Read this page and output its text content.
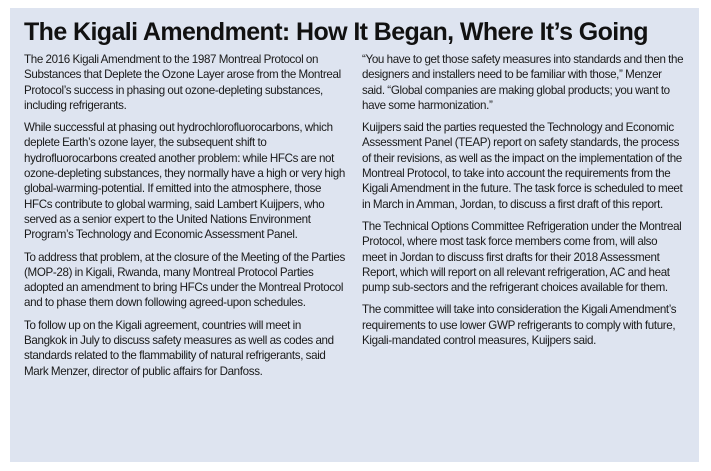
The Kigali Amendment: How It Began, Where It’s Going

The 2016 Kigali Amendment to the 1987 Montreal Protocol on Substances that Deplete the Ozone Layer arose from the Montreal Protocol’s success in phasing out ozone-depleting substances, including refrigerants.

While successful at phasing out hydrochlorofluorocarbons, which deplete Earth’s ozone layer, the subsequent shift to hydrofluorocarbons created another problem: while HFCs are not ozone-depleting substances, they normally have a high or very high global-warming-potential. If emitted into the atmosphere, those HFCs contribute to global warming, said Lambert Kuijpers, who served as a senior expert to the United Nations Environment Program’s Technology and Economic Assessment Panel.

To address that problem, at the closure of the Meeting of the Parties (MOP-28) in Kigali, Rwanda, many Montreal Protocol Parties adopted an amendment to bring HFCs under the Montreal Protocol and to phase them down following agreed-upon schedules.

To follow up on the Kigali agreement, countries will meet in Bangkok in July to discuss safety measures as well as codes and standards related to the flammability of natural refrigerants, said Mark Menzer, director of public affairs for Danfoss.

“You have to get those safety measures into standards and then the designers and installers need to be familiar with those,” Menzer said. “Global companies are making global products; you want to have some harmonization.”

Kuijpers said the parties requested the Technology and Economic Assessment Panel (TEAP) report on safety standards, the process of their revisions, as well as the impact on the implementation of the Montreal Protocol, to take into account the requirements from the Kigali Amendment in the future. The task force is scheduled to meet in March in Amman, Jordan, to discuss a first draft of this report.

The Technical Options Committee Refrigeration under the Montreal Protocol, where most task force members come from, will also meet in Jordan to discuss first drafts for their 2018 Assessment Report, which will report on all relevant refrigeration, AC and heat pump sub-sectors and the refrigerant choices available for them.

The committee will take into consideration the Kigali Amendment’s requirements to use lower GWP refrigerants to comply with future, Kigali-mandated control measures, Kuijpers said.
